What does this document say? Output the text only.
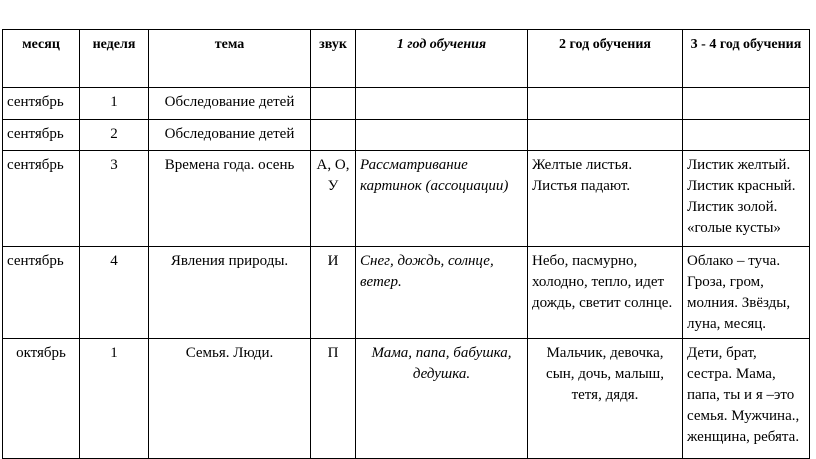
месяц	неделя	тема	звук	1 год обучения	2 год обучения	3 - 4 год обучения
сентябрь	1	Обследование детей				
сентябрь	2	Обследование детей				
сентябрь	3	Времена года. осень	А, О, У	Рассматривание картинок (ассоциации)	Желтые листья. Листья падают.	Листик желтый. Листик красный. Листик золой. «голые кусты»
сентябрь	4	Явления природы.	И	Снег, дождь, солнце, ветер.	Небо, пасмурно, холодно, тепло, идет дождь, светит солнце.	Облако – туча. Гроза, гром, молния. Звёзды, луна, месяц.
октябрь	1	Семья. Люди.	П	Мама, папа, бабушка, дедушка.	Мальчик, девочка, сын, дочь, малыш, тетя, дядя.	Дети, брат, сестра. Мама, папа, ты и я –это семья. Мужчина., женщина, ребята.
